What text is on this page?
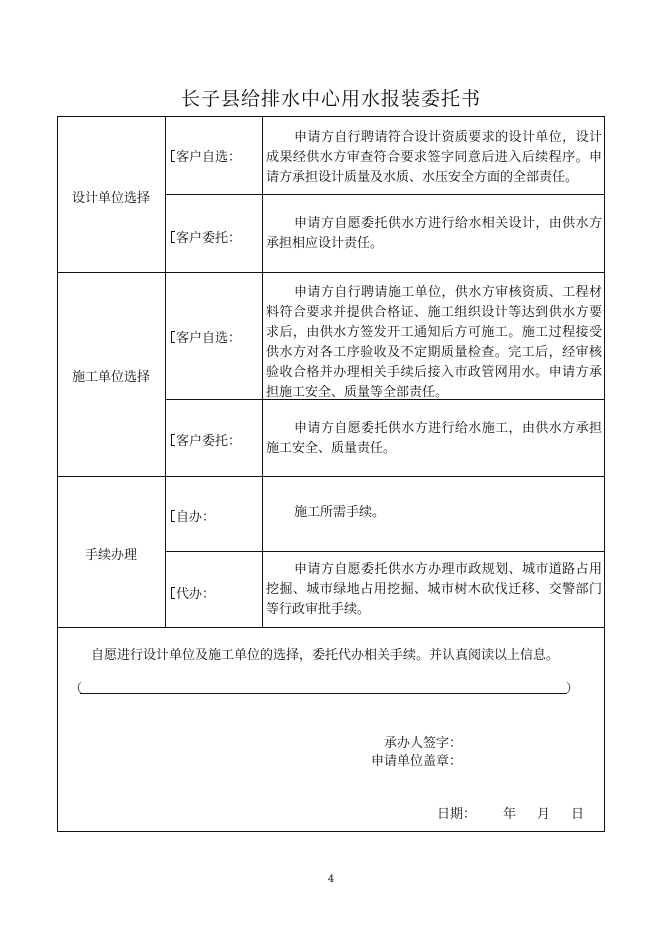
长子县给排水中心用水报装委托书
设计单位选择
客户自选：
申请方自行聘请符合设计资质要求的设计单位，设计成果经供水方审查符合要求签字同意后进入后续程序。申请方承担设计质量及水质、水压安全方面的全部责任。
客户委托：
申请方自愿委托供水方进行给水相关设计，由供水方承担相应设计责任。
施工单位选择
客户自选：
申请方自行聘请施工单位，供水方审核资质、工程材料符合要求并提供合格证、施工组织设计等达到供水方要求后，由供水方签发开工通知后方可施工。施工过程接受供水方对各工序验收及不定期质量检查。完工后，经审核验收合格并办理相关手续后接入市政管网用水。申请方承担施工安全、质量等全部责任。
客户委托：
申请方自愿委托供水方进行给水施工，由供水方承担施工安全、质量责任。
手续办理
自办：	施工所需手续。
代办：
申请方自愿委托供水方办理市政规划、城市道路占用挖掘、城市绿地占用挖掘、城市树木砍伐迁移、交警部门等行政审批手续。
自愿进行设计单位及施工单位的选择，委托代办相关手续。并认真阅读以上信息。
（	）
承办人签字：
申请单位盖章：
日期： 年 月 日
4
